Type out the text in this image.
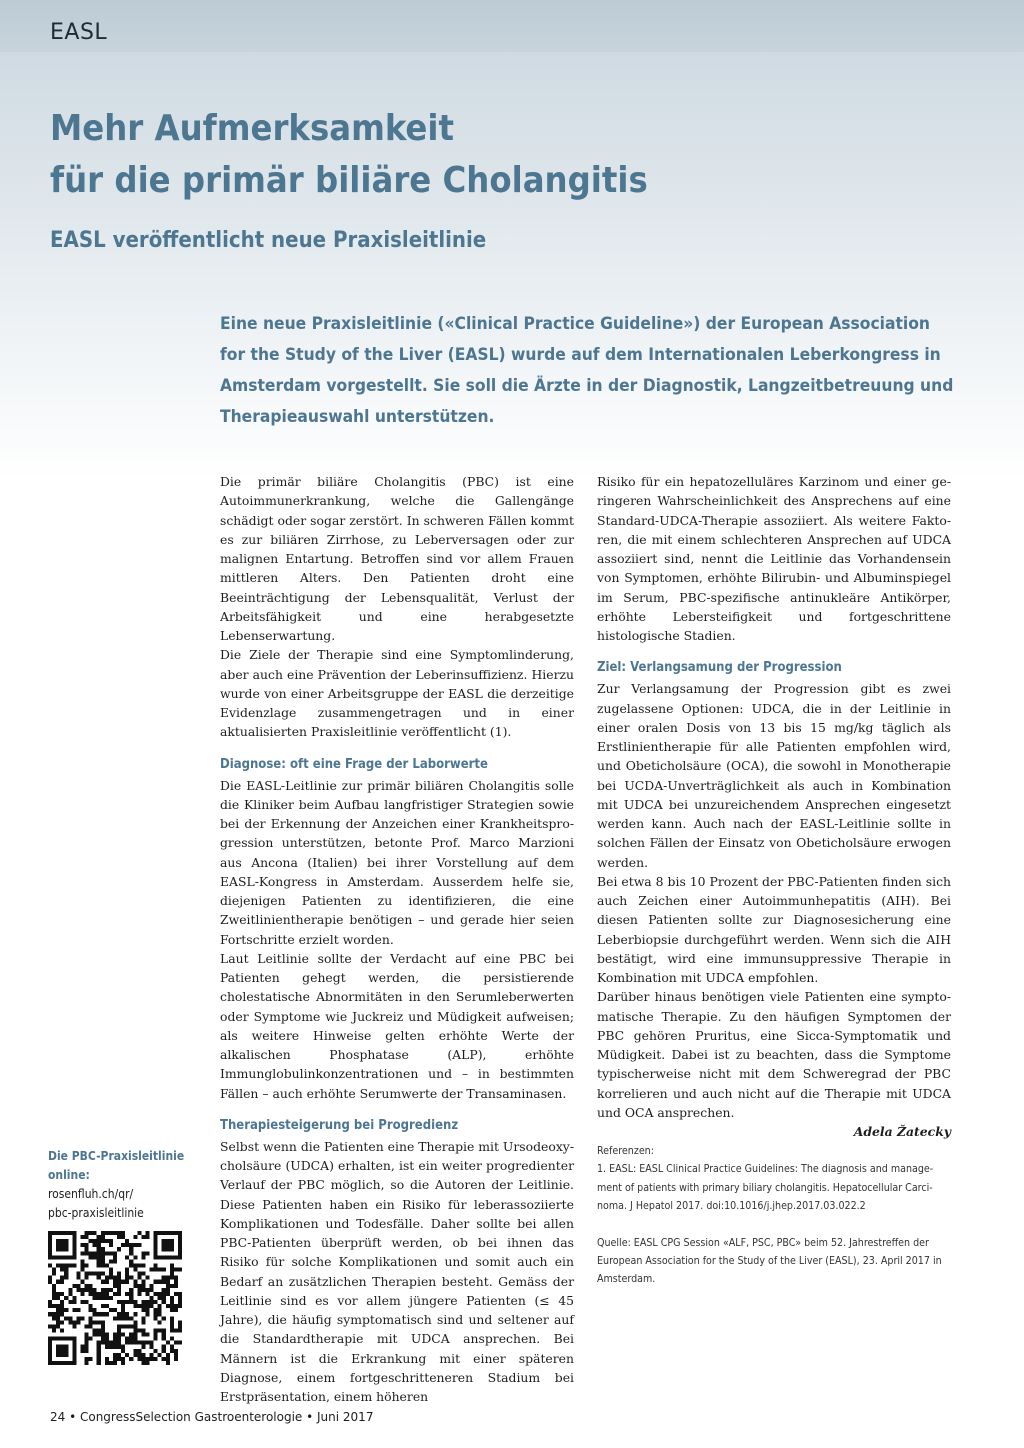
EASL
Mehr Aufmerksamkeit
für die primär biliäre Cholangitis
EASL veröffentlicht neue Praxisleitlinie

Eine neue Praxisleitlinie («Clinical Practice Guideline») der European Association for the Study of the Liver (EASL) wurde auf dem Internationalen Leberkongress in Amsterdam vorgestellt. Sie soll die Ärzte in der Diagnostik, Langzeitbetreuung und Therapieauswahl unterstützen.

Die primär biliäre Cholangitis (PBC) ist eine Autoimmunerkrankung, welche die Gallengänge schädigt oder sogar zerstört. In schweren Fällen kommt es zur biliären Zirrhose, zu Leberversagen oder zur malignen Entartung. Betroffen sind vor allem Frauen mittleren Alters. Den Patienten droht eine Beeinträchtigung der Lebensqualität, Verlust der Arbeitsfähigkeit und eine herabgesetzte Lebenserwartung.

Die Ziele der Therapie sind eine Symptomlinderung, aber auch eine Prävention der Leberinsuffizienz. Hierzu wurde von einer Arbeitsgruppe der EASL die derzeitige Evidenzlage zusammengetragen und in einer aktualisierten Praxisleitlinie veröffentlicht (1).

Diagnose: oft eine Frage der Laborwerte

Die EASL-Leitlinie zur primär biliären Cholangitis solle die Kliniker beim Aufbau langfristiger Strategien sowie bei der Erkennung der Anzeichen einer Krankheitsprogression unterstützen, betonte Prof. Marco Marzioni aus Ancona (Italien) bei ihrer Vorstellung auf dem EASL-Kongress in Amsterdam. Ausserdem helfe sie, diejenigen Patienten zu identifizieren, die eine Zweitlinientherapie benötigen – und gerade hier seien Fortschritte erzielt worden.

Laut Leitlinie sollte der Verdacht auf eine PBC bei Patienten gehegt werden, die persistierende cholestatische Abnormitäten in den Serumleberwerten oder Symptome wie Juckreiz und Müdigkeit aufweisen; als weitere Hinweise gelten erhöhte Werte der alkalischen Phosphatase (ALP), erhöhte Immunglobulinkonzentrationen und – in bestimmten Fällen – auch erhöhte Serumwerte der Transaminasen.

Therapiesteigerung bei Progredienz

Selbst wenn die Patienten eine Therapie mit Ursodeoxycholsäure (UDCA) erhalten, ist ein weiter progredienter Verlauf der PBC möglich, so die Autoren der Leitlinie. Diese Patienten haben ein Risiko für leberassoziierte Komplikationen und Todesfälle. Daher sollte bei allen PBC-Patienten überprüft werden, ob bei ihnen das Risiko für solche Komplikationen und somit auch ein Bedarf an zusätzlichen Therapien besteht. Gemäss der Leitlinie sind es vor allem jüngere Patienten (≤ 45 Jahre), die häufig symptomatisch sind und seltener auf die Standardtherapie mit UDCA ansprechen. Bei Männern ist die Erkrankung mit einer späteren Diagnose, einem fortgeschritteneren Stadium bei Erstpräsentation, einem höheren

Risiko für ein hepatozelluläres Karzinom und einer geringeren Wahrscheinlichkeit des Ansprechens auf eine Standard-UDCA-Therapie assoziiert. Als weitere Faktoren, die mit einem schlechteren Ansprechen auf UDCA assoziiert sind, nennt die Leitlinie das Vorhandensein von Symptomen, erhöhte Bilirubin- und Albuminspiegel im Serum, PBC-spezifische antinukleäre Antikörper, erhöhte Lebersteifigkeit und fortgeschrittene histologische Stadien.

Ziel: Verlangsamung der Progression

Zur Verlangsamung der Progression gibt es zwei zugelassene Optionen: UDCA, die in der Leitlinie in einer oralen Dosis von 13 bis 15 mg/kg täglich als Erstlinientherapie für alle Patienten empfohlen wird, und Obeticholsäure (OCA), die sowohl in Monotherapie bei UCDA-Unverträglichkeit als auch in Kombination mit UDCA bei unzureichendem Ansprechen eingesetzt werden kann. Auch nach der EASL-Leitlinie sollte in solchen Fällen der Einsatz von Obeticholsäure erwogen werden.

Bei etwa 8 bis 10 Prozent der PBC-Patienten finden sich auch Zeichen einer Autoimmunhepatitis (AIH). Bei diesen Patienten sollte zur Diagnosesicherung eine Leberbiopsie durchgeführt werden. Wenn sich die AIH bestätigt, wird eine immunsuppressive Therapie in Kombination mit UDCA empfohlen.

Darüber hinaus benötigen viele Patienten eine symptomatische Therapie. Zu den häufigen Symptomen der PBC gehören Pruritus, eine Sicca-Symptomatik und Müdigkeit. Dabei ist zu beachten, dass die Symptome typischerweise nicht mit dem Schweregrad der PBC korrelieren und auch nicht auf die Therapie mit UDCA und OCA ansprechen.

Adela Žatecky

Referenzen:

1. EASL: EASL Clinical Practice Guidelines: The diagnosis and management of patients with primary biliary cholangitis. Hepatocellular Carcinoma. J Hepatol 2017. doi:10.1016/j.jhep.2017.03.022.2

Quelle: EASL CPG Session «ALF, PSC, PBC» beim 52. Jahrestreffen der European Association for the Study of the Liver (EASL), 23. April 2017 in Amsterdam.

Die PBC-Praxisleitlinie
online:
rosenfluh.ch/qr/
pbc-praxisleitlinie
24 • CongressSelection Gastroenterologie • Juni 2017
